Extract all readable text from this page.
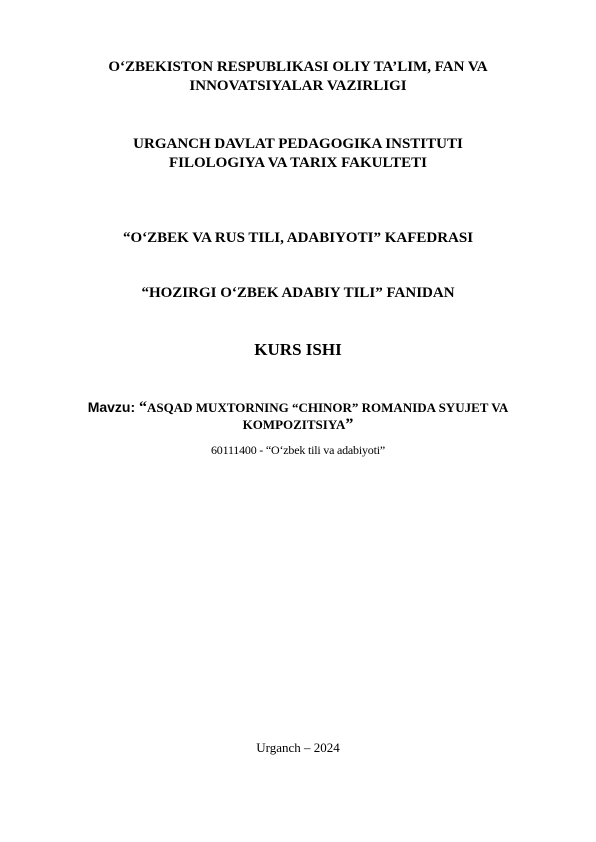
O‘ZBEKISTON RESPUBLIKASI OLIY TA’LIM, FAN VA
INNOVATSIYALAR VAZIRLIGI
URGANCH DAVLAT PEDAGOGIKA INSTITUTI
FILOLOGIYA VA TARIX FAKULTETI
“O‘ZBEK VA RUS TILI, ADABIYOTI” KAFEDRASI
“HOZIRGI O‘ZBEK ADABIY TILI” FANIDAN
KURS ISHI
Mavzu: “ASQAD MUXTORNING “CHINOR” ROMANIDA SYUJET VA
KOMPOZITSIYA”
60111400 - “O‘zbek tili va adabiyoti”
Urganch – 2024
